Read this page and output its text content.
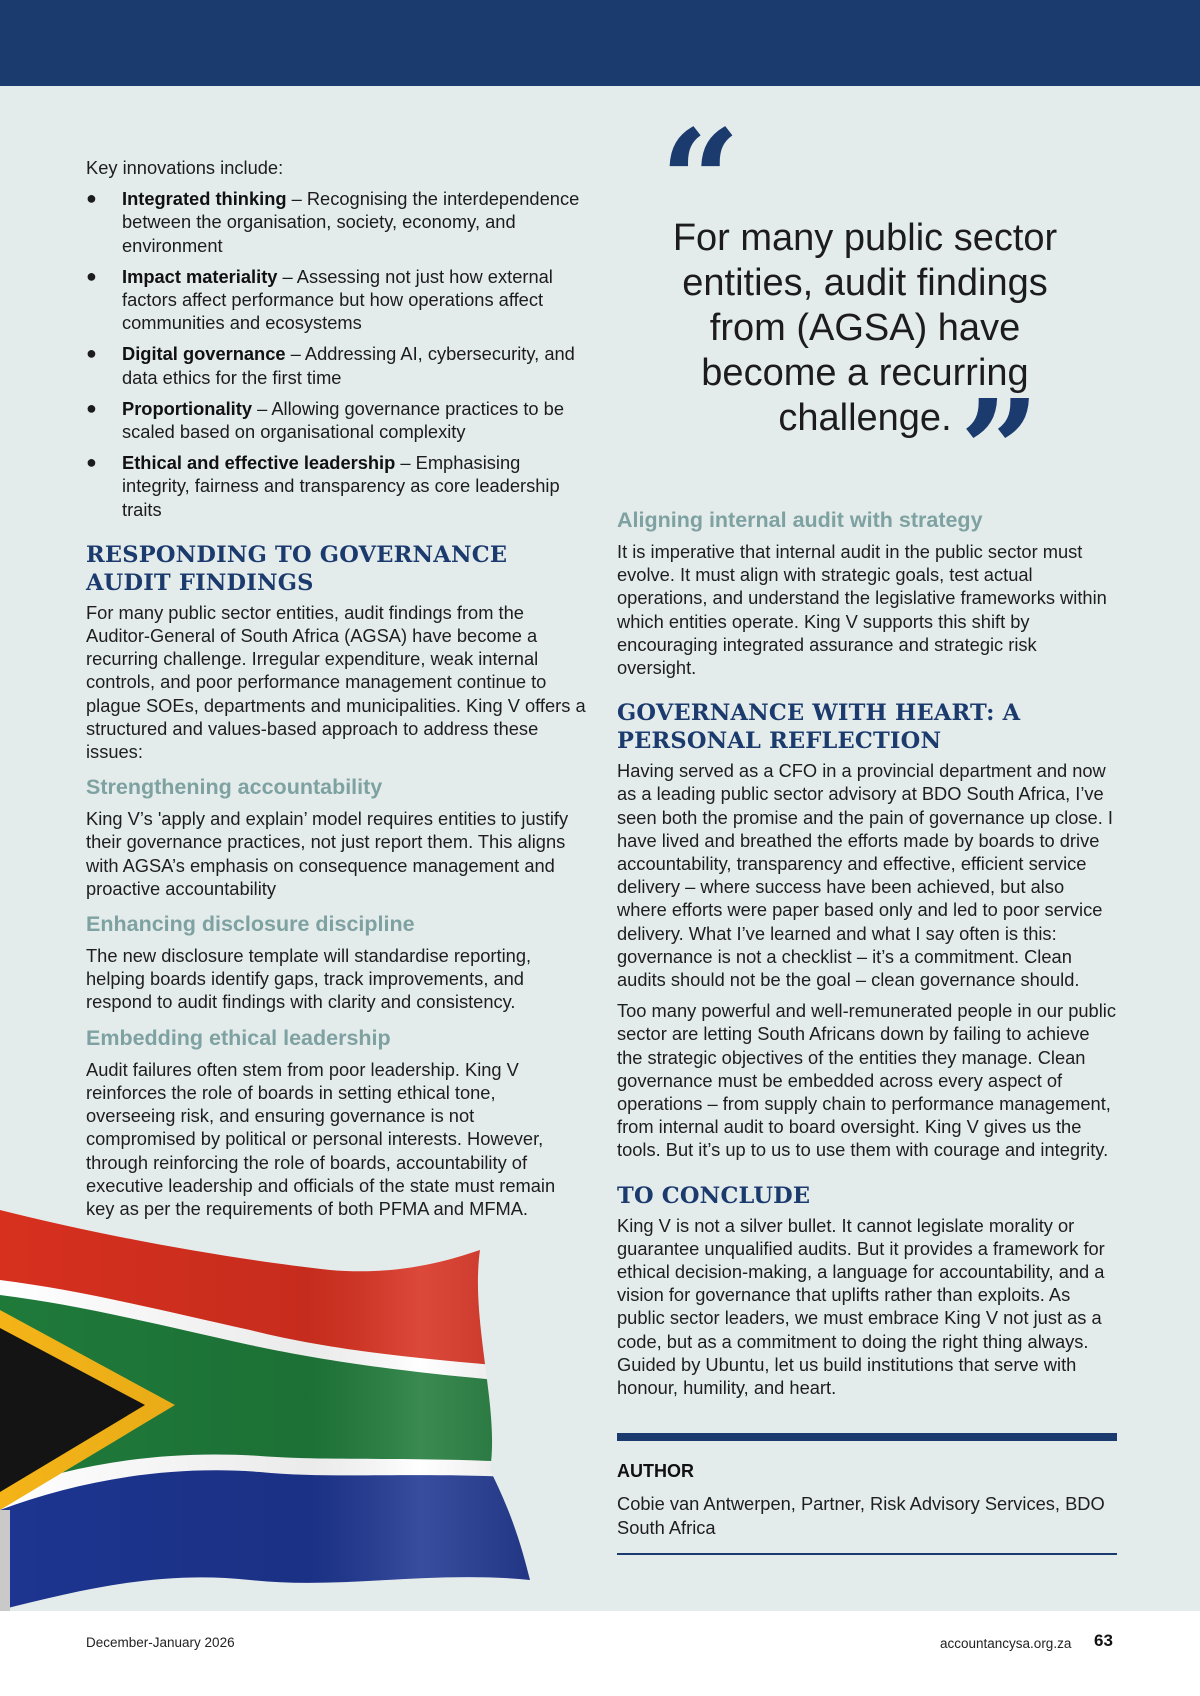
Key innovations include:

● Integrated thinking – Recognising the interdependence between the organisation, society, economy, and environment
● Impact materiality – Assessing not just how external factors affect performance but how operations affect communities and ecosystems
● Digital governance – Addressing AI, cybersecurity, and data ethics for the first time
● Proportionality – Allowing governance practices to be scaled based on organisational complexity
● Ethical and effective leadership – Emphasising integrity, fairness and transparency as core leadership traits
RESPONDING TO GOVERNANCE
AUDIT FINDINGS

For many public sector entities, audit findings from the Auditor-General of South Africa (AGSA) have become a recurring challenge. Irregular expenditure, weak internal controls, and poor performance management continue to plague SOEs, departments and municipalities. King V offers a structured and values-based approach to address these issues:

Strengthening accountability

King V’s 'apply and explain’ model requires entities to justify their governance practices, not just report them. This aligns with AGSA’s emphasis on consequence management and proactive accountability

Enhancing disclosure discipline

The new disclosure template will standardise reporting, helping boards identify gaps, track improvements, and respond to audit findings with clarity and consistency.

Embedding ethical leadership

Audit failures often stem from poor leadership. King V reinforces the role of boards in setting ethical tone, overseeing risk, and ensuring governance is not compromised by political or personal interests. However, through reinforcing the role of boards, accountability of executive leadership and officials of the state must remain key as per the requirements of both PFMA and MFMA.

“
For many public sector entities, audit findings from (AGSA) have become a recurring challenge. ”
Aligning internal audit with strategy

It is imperative that internal audit in the public sector must evolve. It must align with strategic goals, test actual operations, and understand the legislative frameworks within which entities operate. King V supports this shift by encouraging integrated assurance and strategic risk oversight.

GOVERNANCE WITH HEART: A
PERSONAL REFLECTION

Having served as a CFO in a provincial department and now as a leading public sector advisory at BDO South Africa, I’ve seen both the promise and the pain of governance up close. I have lived and breathed the efforts made by boards to drive accountability, transparency and effective, efficient service delivery – where success have been achieved, but also where efforts were paper based only and led to poor service delivery. What I’ve learned and what I say often is this: governance is not a checklist – it’s a commitment. Clean audits should not be the goal – clean governance should.

Too many powerful and well-remunerated people in our public sector are letting South Africans down by failing to achieve the strategic objectives of the entities they manage. Clean governance must be embedded across every aspect of operations – from supply chain to performance management, from internal audit to board oversight. King V gives us the tools. But it’s up to us to use them with courage and integrity.

TO CONCLUDE

King V is not a silver bullet. It cannot legislate morality or guarantee unqualified audits. But it provides a framework for ethical decision-making, a language for accountability, and a vision for governance that uplifts rather than exploits. As public sector leaders, we must embrace King V not just as a code, but as a commitment to doing the right thing always. Guided by Ubuntu, let us build institutions that serve with honour, humility, and heart.

AUTHOR

Cobie van Antwerpen, Partner, Risk Advisory Services, BDO South Africa

December-January 2026	accountancysa.org.za 63
